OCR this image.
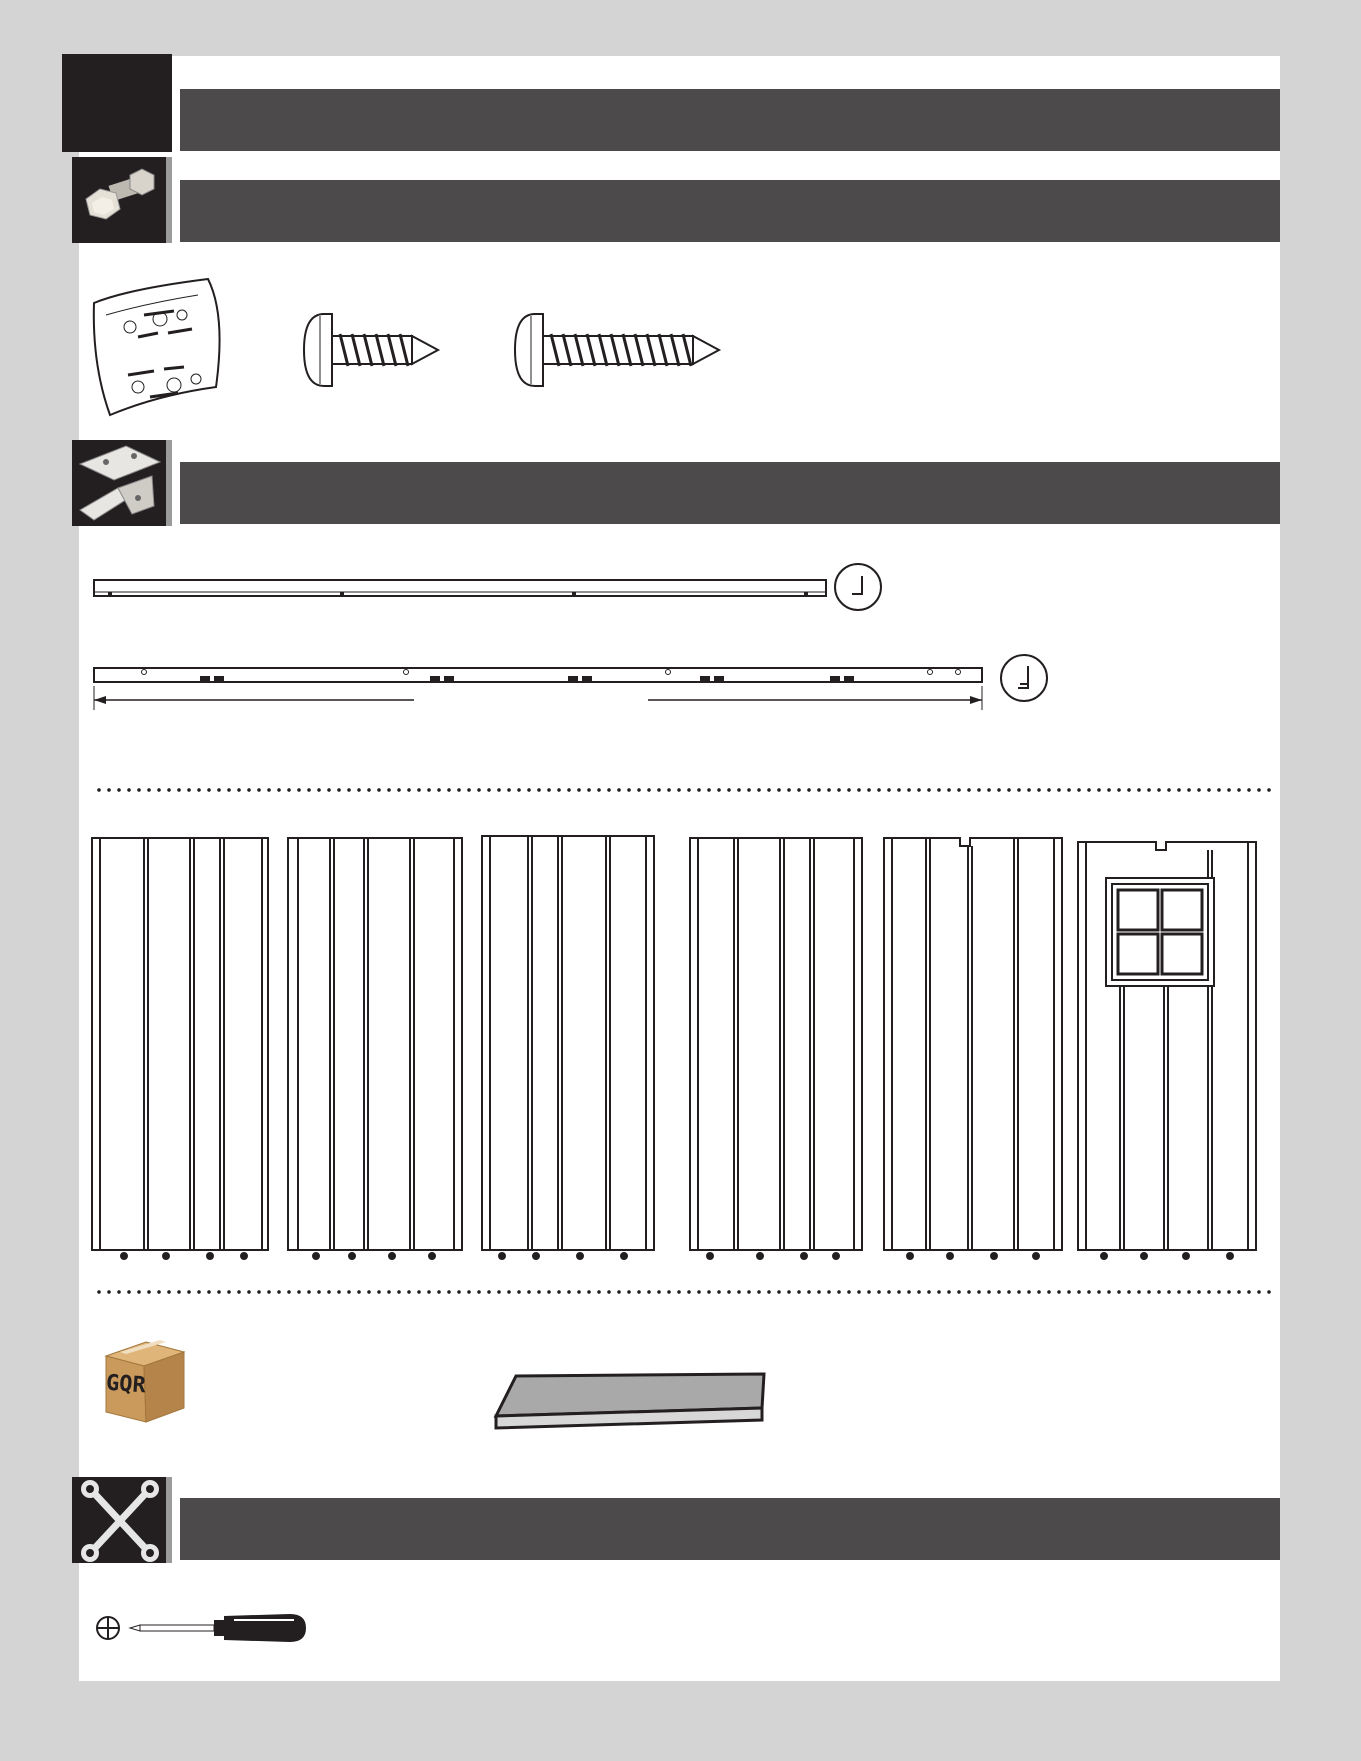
GQR
